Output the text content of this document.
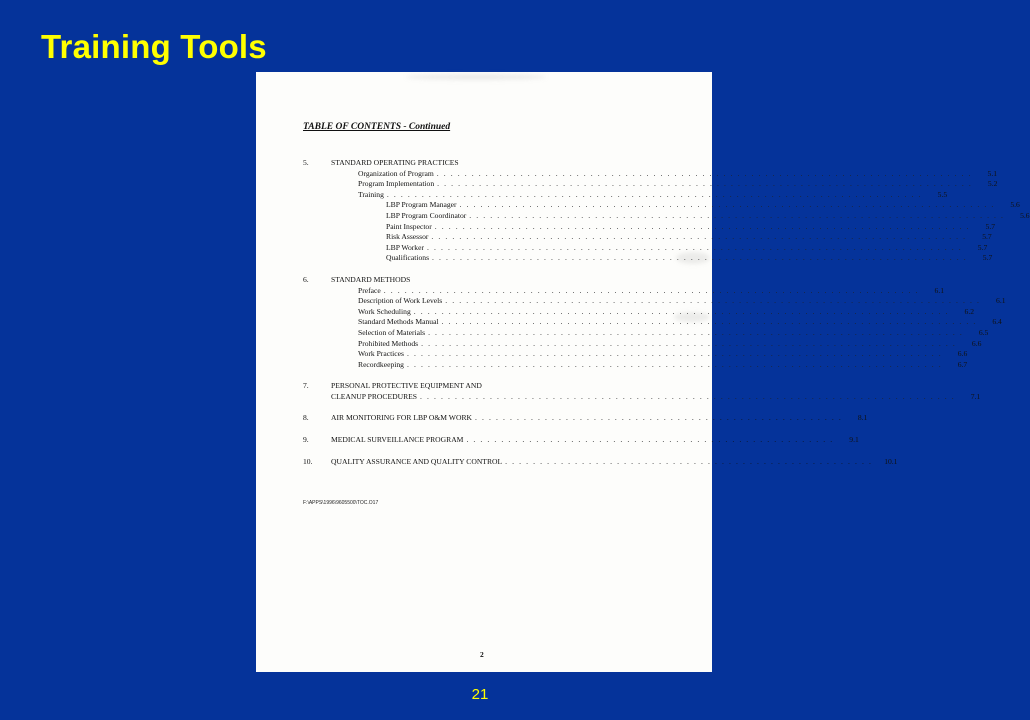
Training Tools
TABLE OF CONTENTS - Continued
5.	STANDARD OPERATING PRACTICES
Organization of Program . . .	5.1
Program Implementation . . .	5.2
Training . . .	5.5
LBP Program Manager . . .	5.6
LBP Program Coordinator . . .	5.6
Paint Inspector . . .	5.7
Risk Assessor . . .	5.7
LBP Worker . . .	5.7
Qualifications . . .	5.7
6.	STANDARD METHODS
Preface . . .	6.1
Description of Work Levels . . .	6.1
Work Scheduling . . .	6.2
Standard Methods Manual . . .	6.4
Selection of Materials . . .	6.5
Prohibited Methods . . .	6.6
Work Practices . . .	6.6
Recordkeeping . . .	6.7
7.	PERSONAL PROTECTIVE EQUIPMENT AND
CLEANUP PROCEDURES . . .	7.1
8.	AIR MONITORING FOR LBP O&M WORK . . . . . . . . . . . . . . . . . . . . . . . . . . . . . . . . . . . . . . . . . . . . . . . . . . . . .	8.1
9.	MEDICAL SURVEILLANCE PROGRAM . . . . . . . . . . . . . . . . . . . . . . . . . . . . . . . . . . . . . . . . . . . . . . . . . . . . .	9.1
10.	QUALITY ASSURANCE AND QUALITY CONTROL . . . . . . . . . . . . . . . . . . . . . . . . . . . . . . . . . . . . . . . . . . . . . . . . . . . . .	10.1
F:\APPS\1996\9605500\TOC.O17
2
21
